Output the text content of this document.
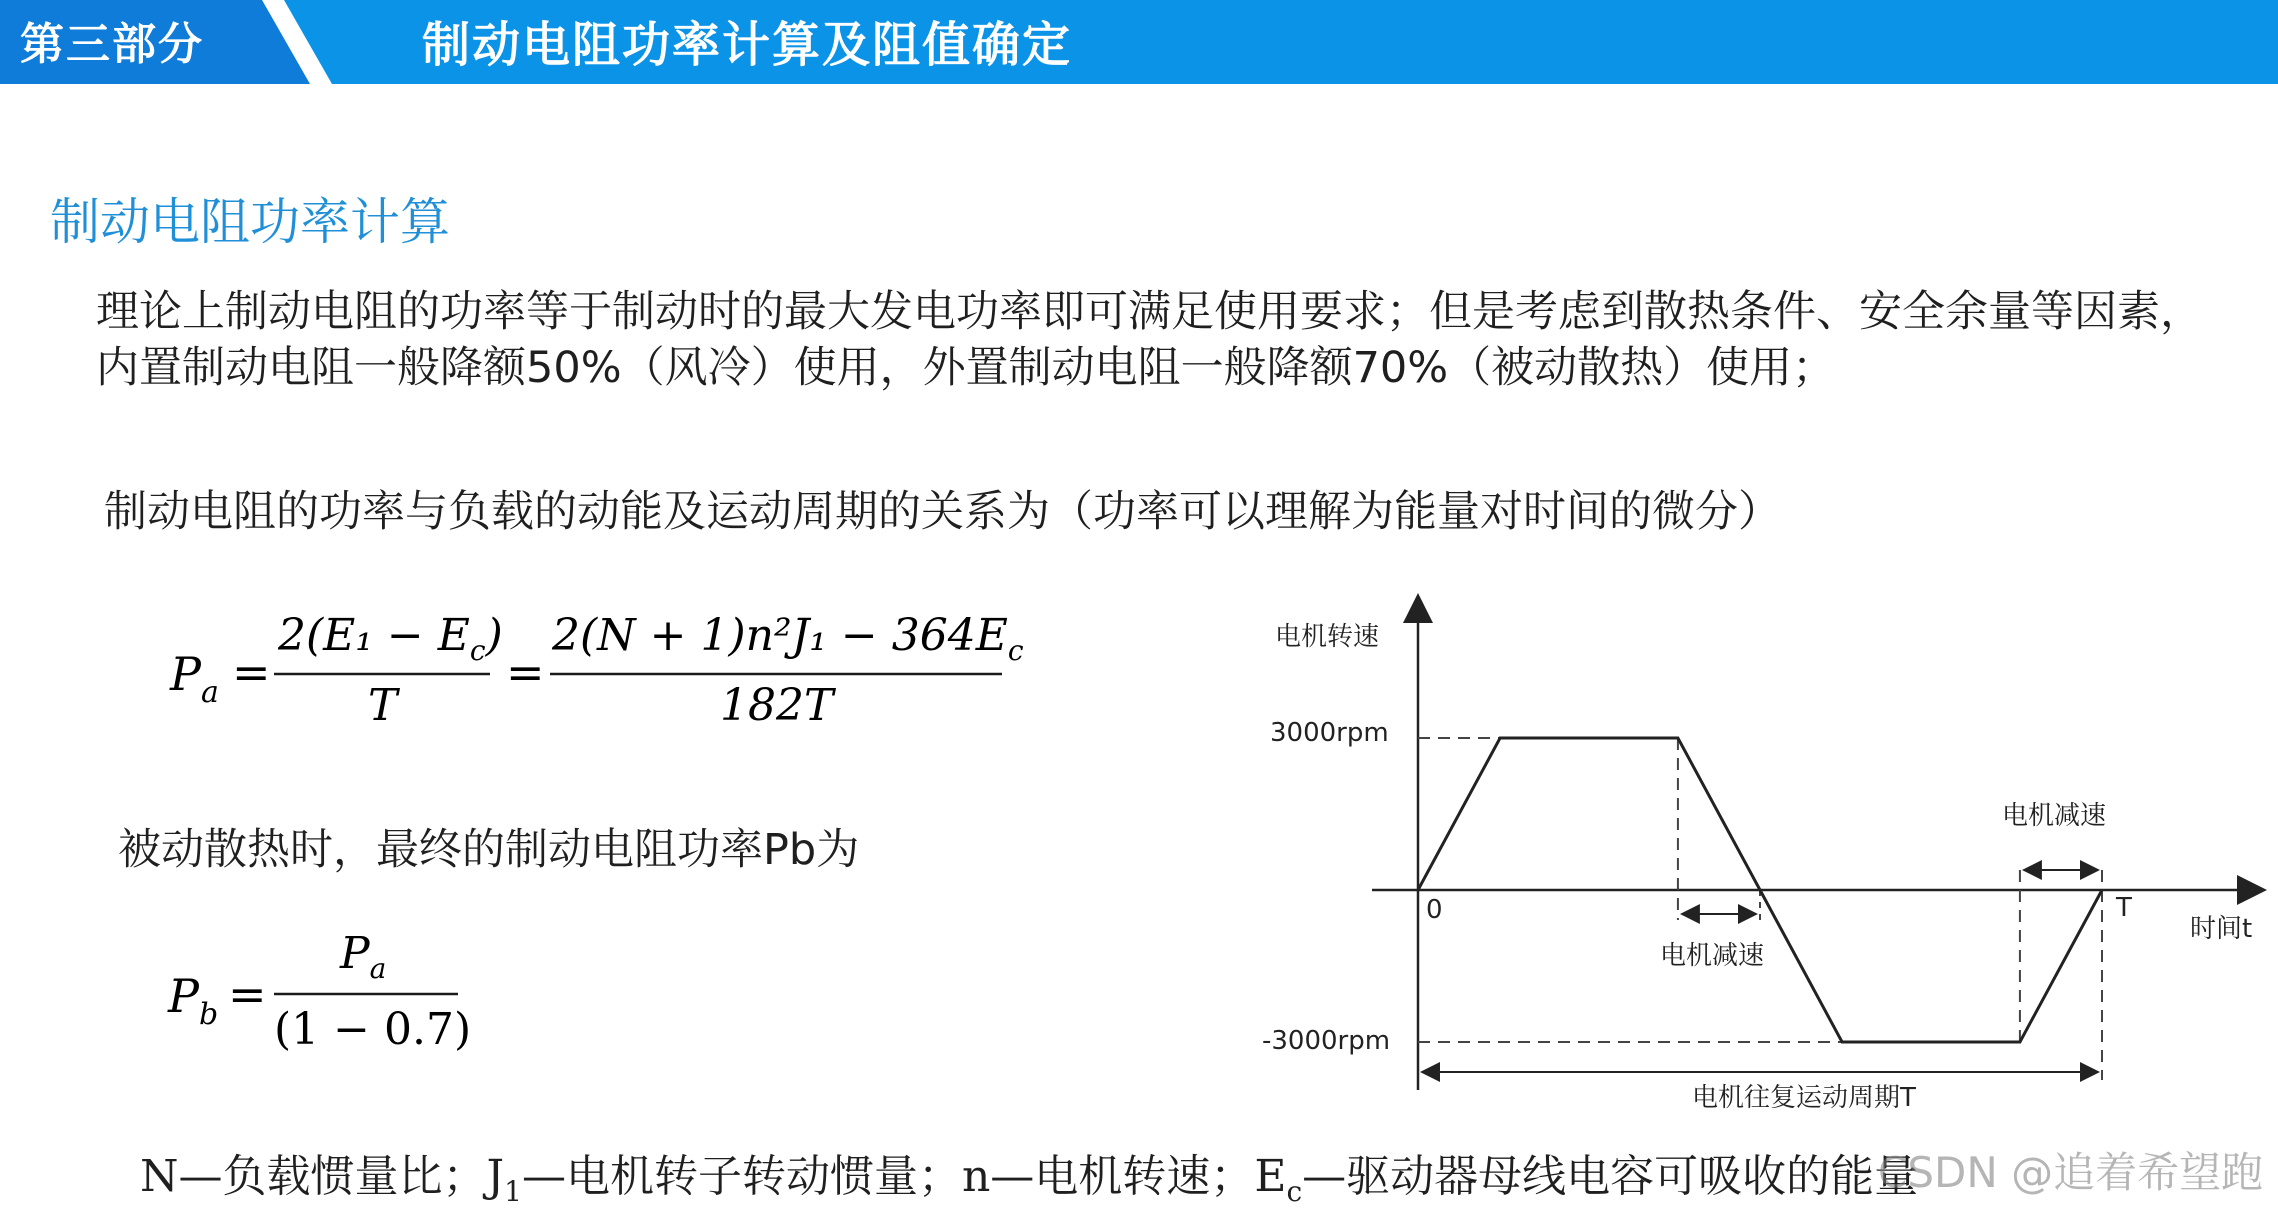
第三部分	制动电阻功率计算及阻值确定
制动电阻功率计算
理论上制动电阻的功率等于制动时的最大发电功率即可满足使用要求；但是考虑到散热条件、安全余量等因素，内置制动电阻一般降额50%（风冷）使用，外置制动电阻一般降额70%（被动散热）使用；
制动电阻的功率与负载的动能及运动周期的关系为（功率可以理解为能量对时间的微分）
$P_a$ =
$2(E_1 - E_c)$
T
=
$2(N + 1)n^2J_1 - 364E_c$
182T
被动散热时，最终的制动电阻功率Pb为
$P_b$ =
$P_a$
(1 − 0.7)
电机转速
时间t
3000rpm
-3000rpm
0	T
电机减速
电机减速
电机往复运动周期T
N—负载惯量比；$J_1—$电机转子转动惯量；n—电机转速；$E_c—$驱动器母线电容可吸收的能量
CSDN @追着希望跑
